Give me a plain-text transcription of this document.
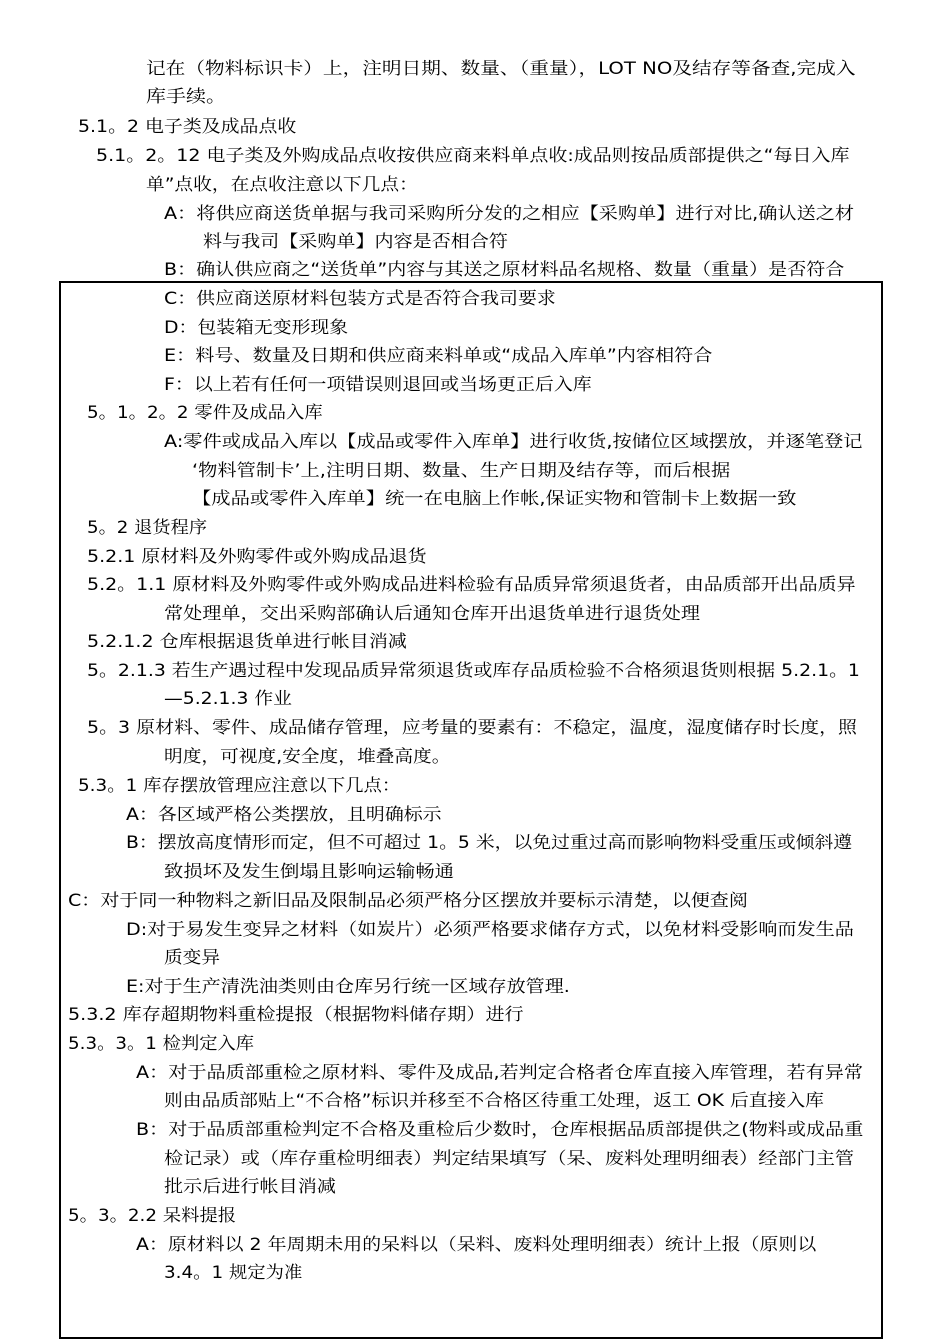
记在（物料标识卡）上，注明日期、数量、（重量），LOT NO及结存等备查,完成入
库手续。
5.1。2 电子类及成品点收
5.1。2。12 电子类及外购成品点收按供应商来料单点收:成品则按品质部提供之“每日入库
单”点收，在点收注意以下几点：
A：将供应商送货单据与我司采购所分发的之相应【采购单】进行对比,确认送之材
料与我司【采购单】内容是否相合符
B：确认供应商之“送货单”内容与其送之原材料品名规格、数量（重量）是否符合
C：供应商送原材料包装方式是否符合我司要求
D：包装箱无变形现象
E：料号、数量及日期和供应商来料单或“成品入库单”内容相符合
F：以上若有任何一项错误则退回或当场更正后入库
5。1。2。2 零件及成品入库
A:零件或成品入库以【成品或零件入库单】进行收货,按储位区域摆放，并逐笔登记
‘物料管制卡’上,注明日期、数量、生产日期及结存等，而后根据
【成品或零件入库单】统一在电脑上作帐,保证实物和管制卡上数据一致
5。2 退货程序
5.2.1 原材料及外购零件或外购成品退货
5.2。1.1 原材料及外购零件或外购成品进料检验有品质异常须退货者，由品质部开出品质异
常处理单，交出采购部确认后通知仓库开出退货单进行退货处理
5.2.1.2 仓库根据退货单进行帐目消减
5。2.1.3 若生产遇过程中发现品质异常须退货或库存品质检验不合格须退货则根据 5.2.1。1
—5.2.1.3 作业
5。3 原材料、零件、成品储存管理，应考量的要素有：不稳定，温度，湿度储存时长度，照
明度，可视度,安全度，堆叠高度。
5.3。1 库存摆放管理应注意以下几点：
A：各区域严格公类摆放，且明确标示
B：摆放高度情形而定，但不可超过 1。5 米，以免过重过高而影响物料受重压或倾斜遵
致损坏及发生倒塌且影响运输畅通
C：对于同一种物料之新旧品及限制品必须严格分区摆放并要标示清楚，以便查阅
D:对于易发生变异之材料（如炭片）必须严格要求储存方式，以免材料受影响而发生品
质变异
E:对于生产清洗油类则由仓库另行统一区域存放管理.
5.3.2 库存超期物料重检提报（根据物料储存期）进行
5.3。3。1 检判定入库
A：对于品质部重检之原材料、零件及成品,若判定合格者仓库直接入库管理，若有异常
则由品质部贴上“不合格”标识并移至不合格区待重工处理，返工 OK 后直接入库
B：对于品质部重检判定不合格及重检后少数时，仓库根据品质部提供之(物料或成品重
检记录）或（库存重检明细表）判定结果填写（呆、废料处理明细表）经部门主管
批示后进行帐目消减
5。3。2.2 呆料提报
A：原材料以 2 年周期未用的呆料以（呆料、废料处理明细表）统计上报（原则以
3.4。1 规定为准
